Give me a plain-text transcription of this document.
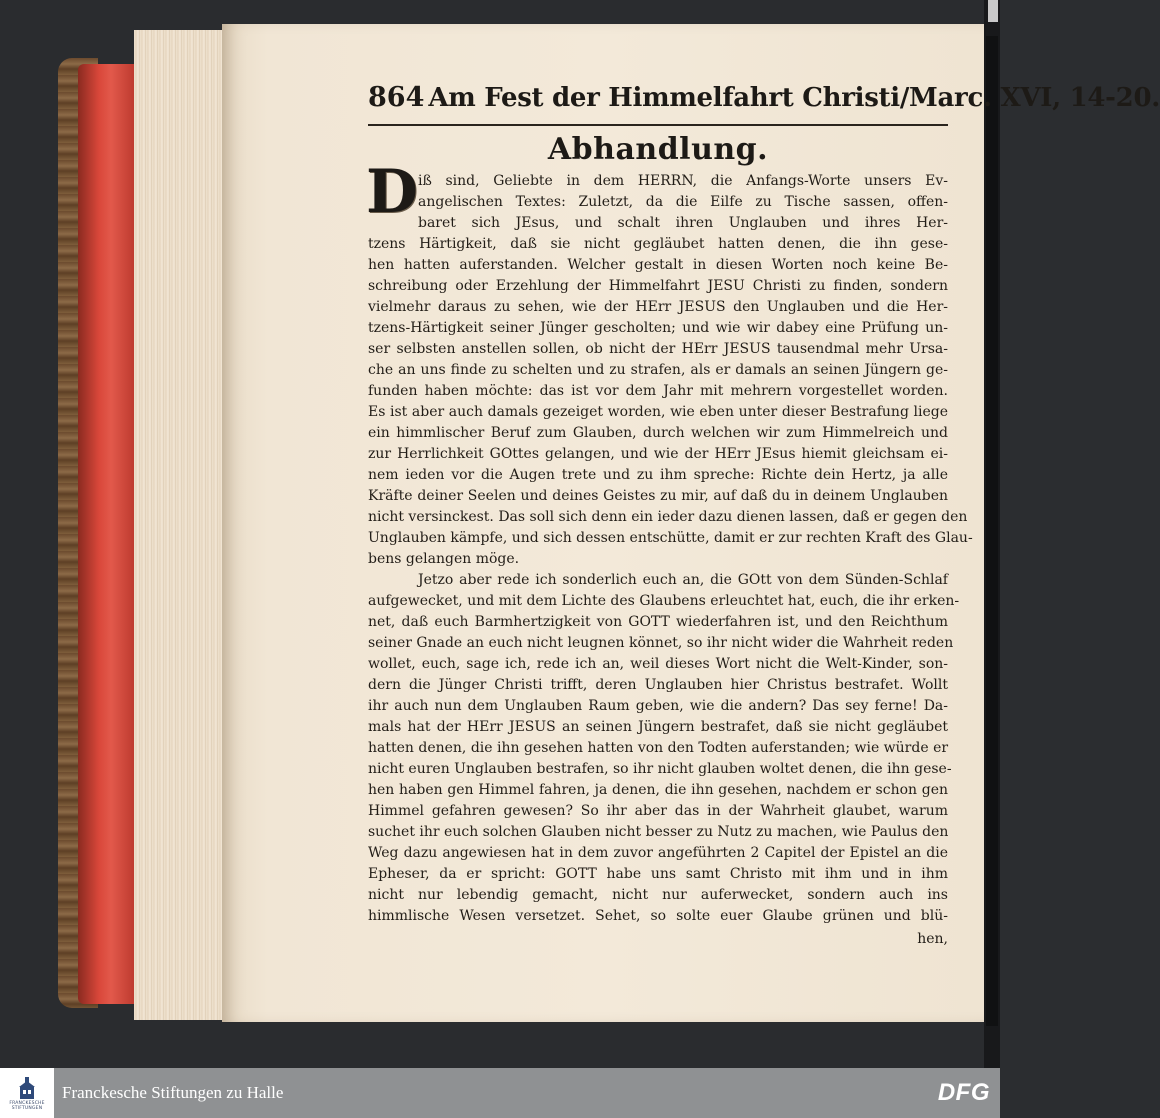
864 Am Fest der Himmelfahrt Christi/Marc. XVI, 14-20.
Abhandlung.
D iß sind, Geliebte in dem HERRN, die Anfangs-Worte unsers Ev-
angelischen Textes: Zuletzt, da die Eilfe zu Tische sassen, offen-
baret sich JEsus, und schalt ihren Unglauben und ihres Her-
tzens Härtigkeit, daß sie nicht gegläubet hatten denen, die ihn gese-
hen hatten auferstanden. Welcher gestalt in diesen Worten noch keine Be-
schreibung oder Erzehlung der Himmelfahrt JESU Christi zu finden, sondern
vielmehr daraus zu sehen, wie der HErr JESUS den Unglauben und die Her-
tzens-Härtigkeit seiner Jünger gescholten; und wie wir dabey eine Prüfung un-
ser selbsten anstellen sollen, ob nicht der HErr JESUS tausendmal mehr Ursa-
che an uns finde zu schelten und zu strafen, als er damals an seinen Jüngern ge-
funden haben möchte: das ist vor dem Jahr mit mehrern vorgestellet worden.
Es ist aber auch damals gezeiget worden, wie eben unter dieser Bestrafung liege
ein himmlischer Beruf zum Glauben, durch welchen wir zum Himmelreich und
zur Herrlichkeit GOttes gelangen, und wie der HErr JEsus hiemit gleichsam ei-
nem ieden vor die Augen trete und zu ihm spreche: Richte dein Hertz, ja alle
Kräfte deiner Seelen und deines Geistes zu mir, auf daß du in deinem Unglauben
nicht versinckest. Das soll sich denn ein ieder dazu dienen lassen, daß er gegen den
Unglauben kämpfe, und sich dessen entschütte, damit er zur rechten Kraft des Glau-
bens gelangen möge.
Jetzo aber rede ich sonderlich euch an, die GOtt von dem Sünden-Schlaf
aufgewecket, und mit dem Lichte des Glaubens erleuchtet hat, euch, die ihr erken-
net, daß euch Barmhertzigkeit von GOTT wiederfahren ist, und den Reichthum
seiner Gnade an euch nicht leugnen könnet, so ihr nicht wider die Wahrheit reden
wollet, euch, sage ich, rede ich an, weil dieses Wort nicht die Welt-Kinder, son-
dern die Jünger Christi trifft, deren Unglauben hier Christus bestrafet. Wollt
ihr auch nun dem Unglauben Raum geben, wie die andern? Das sey ferne! Da-
mals hat der HErr JESUS an seinen Jüngern bestrafet, daß sie nicht gegläubet
hatten denen, die ihn gesehen hatten von den Todten auferstanden; wie würde er
nicht euren Unglauben bestrafen, so ihr nicht glauben woltet denen, die ihn gese-
hen haben gen Himmel fahren, ja denen, die ihn gesehen, nachdem er schon gen
Himmel gefahren gewesen? So ihr aber das in der Wahrheit glaubet, warum
suchet ihr euch solchen Glauben nicht besser zu Nutz zu machen, wie Paulus den
Weg dazu angewiesen hat in dem zuvor angeführten 2 Capitel der Epistel an die
Epheser, da er spricht: GOTT habe uns samt Christo mit ihm und in ihm
nicht nur lebendig gemacht, nicht nur auferwecket, sondern auch ins
himmlische Wesen versetzet. Sehet, so solte euer Glaube grünen und blü-
hen,
FRANCKESCHE
STIFTUNGEN
Franckesche Stiftungen zu Halle	DFG
